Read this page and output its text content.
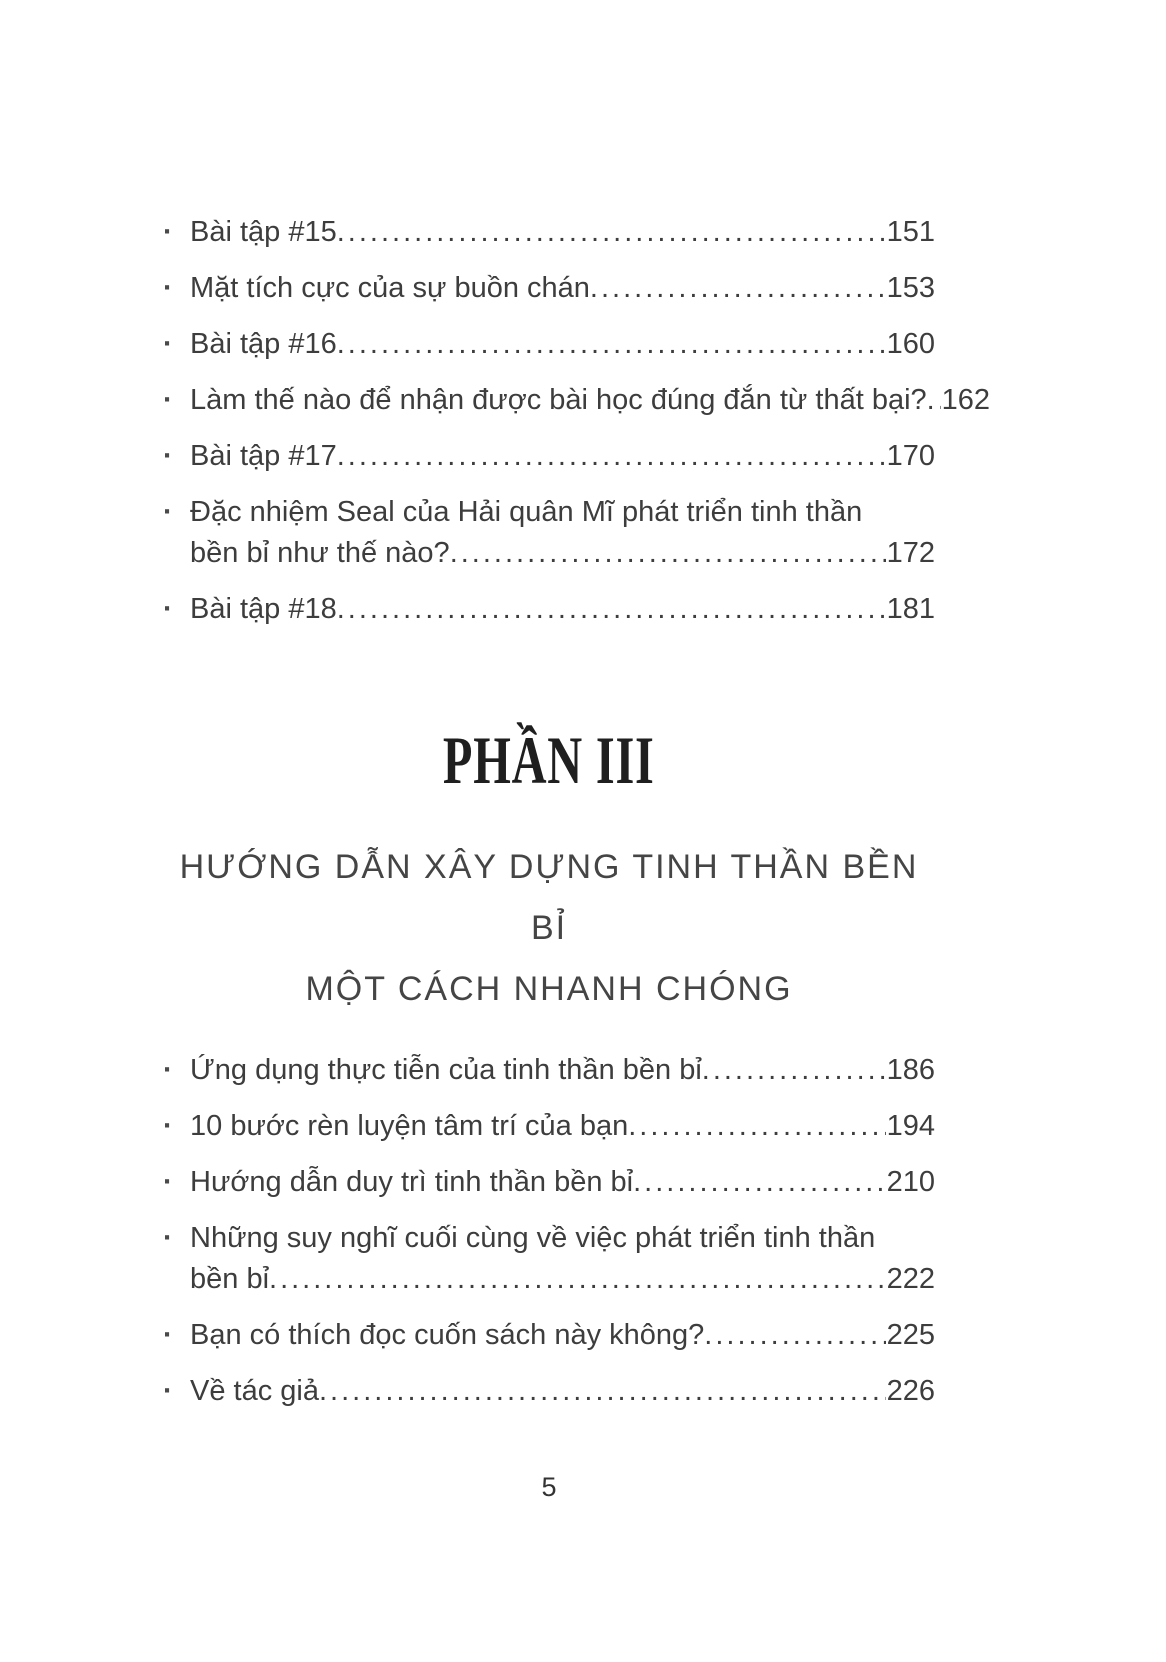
·
Bài tập #15 .....	151
·
Mặt tích cực của sự buồn chán .....	153
·
Bài tập #16 .....	160
·
Làm thế nào để nhận được bài học đúng đắn từ thất bại? ..... 162
·
Bài tập #17 .....	170
·
Đặc nhiệm Seal của Hải quân Mĩ phát triển tinh thần
bền bỉ như thế nào? .....	172
·
Bài tập #18 .....	181
PHẦN III
HƯỚNG DẪN XÂY DỰNG TINH THẦN BỀN BỈ
MỘT CÁCH NHANH CHÓNG
·
Ứng dụng thực tiễn của tinh thần bền bỉ .....	186
·
10 bước rèn luyện tâm trí của bạn .....	194
·
Hướng dẫn duy trì tinh thần bền bỉ .....	210
·
Những suy nghĩ cuối cùng về việc phát triển tinh thần
bền bỉ .....	222
·
Bạn có thích đọc cuốn sách này không? .....	225
·
Về tác giả .....	226
5
